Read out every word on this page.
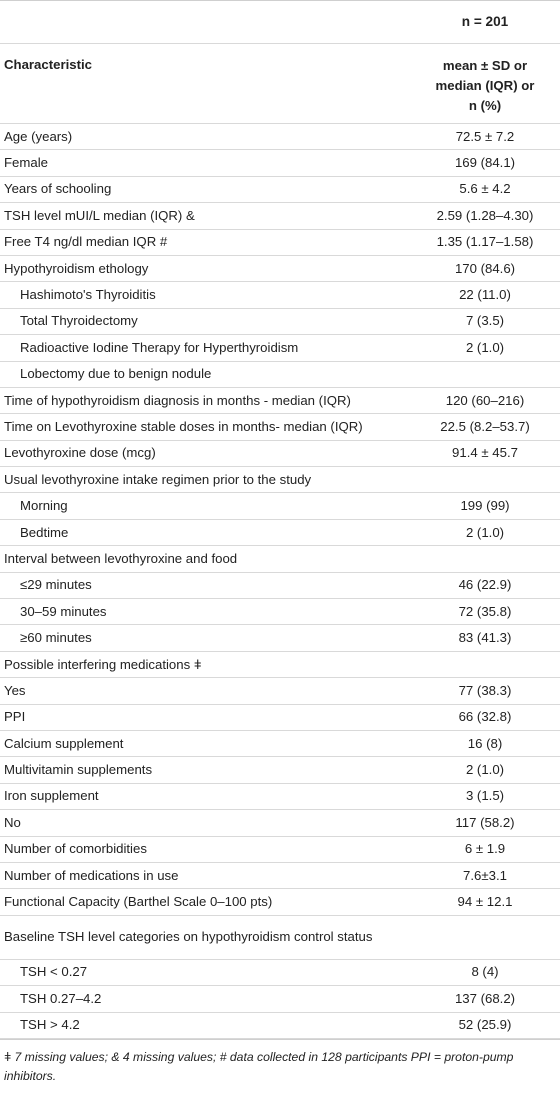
n = 201
Characteristic	mean ± SD or
median (IQR) or
n (%)
Age (years)	72.5 ± 7.2
Female	169 (84.1)
Years of schooling	5.6 ± 4.2
TSH level mUI/L median (IQR) &	2.59 (1.28–4.30)
Free T4 ng/dl median IQR #	1.35 (1.17–1.58)
Hypothyroidism ethology	170 (84.6)
Hashimoto's Thyroiditis	22 (11.0)
Total Thyroidectomy	7 (3.5)
Radioactive Iodine Therapy for Hyperthyroidism	2 (1.0)
Lobectomy due to benign nodule
Time of hypothyroidism diagnosis in months - median (IQR)	120 (60–216)
Time on Levothyroxine stable doses in months- median (IQR)	22.5 (8.2–53.7)
Levothyroxine dose (mcg)	91.4 ± 45.7
Usual levothyroxine intake regimen prior to the study
Morning	199 (99)
Bedtime	2 (1.0)
Interval between levothyroxine and food
≤29 minutes	46 (22.9)
30–59 minutes	72 (35.8)
≥60 minutes	83 (41.3)
Possible interfering medications ǂ
Yes	77 (38.3)
PPI	66 (32.8)
Calcium supplement	16 (8)
Multivitamin supplements	2 (1.0)
Iron supplement	3 (1.5)
No	117 (58.2)
Number of comorbidities	6 ± 1.9
Number of medications in use	7.6±3.1
Functional Capacity (Barthel Scale 0–100 pts)	94 ± 12.1
Baseline TSH level categories on hypothyroidism control status
TSH < 0.27	8 (4)
TSH 0.27–4.2	137 (68.2)
TSH > 4.2	52 (25.9)
ǂ 7 missing values; & 4 missing values; # data collected in 128 participants PPI = proton-pump inhibitors.
